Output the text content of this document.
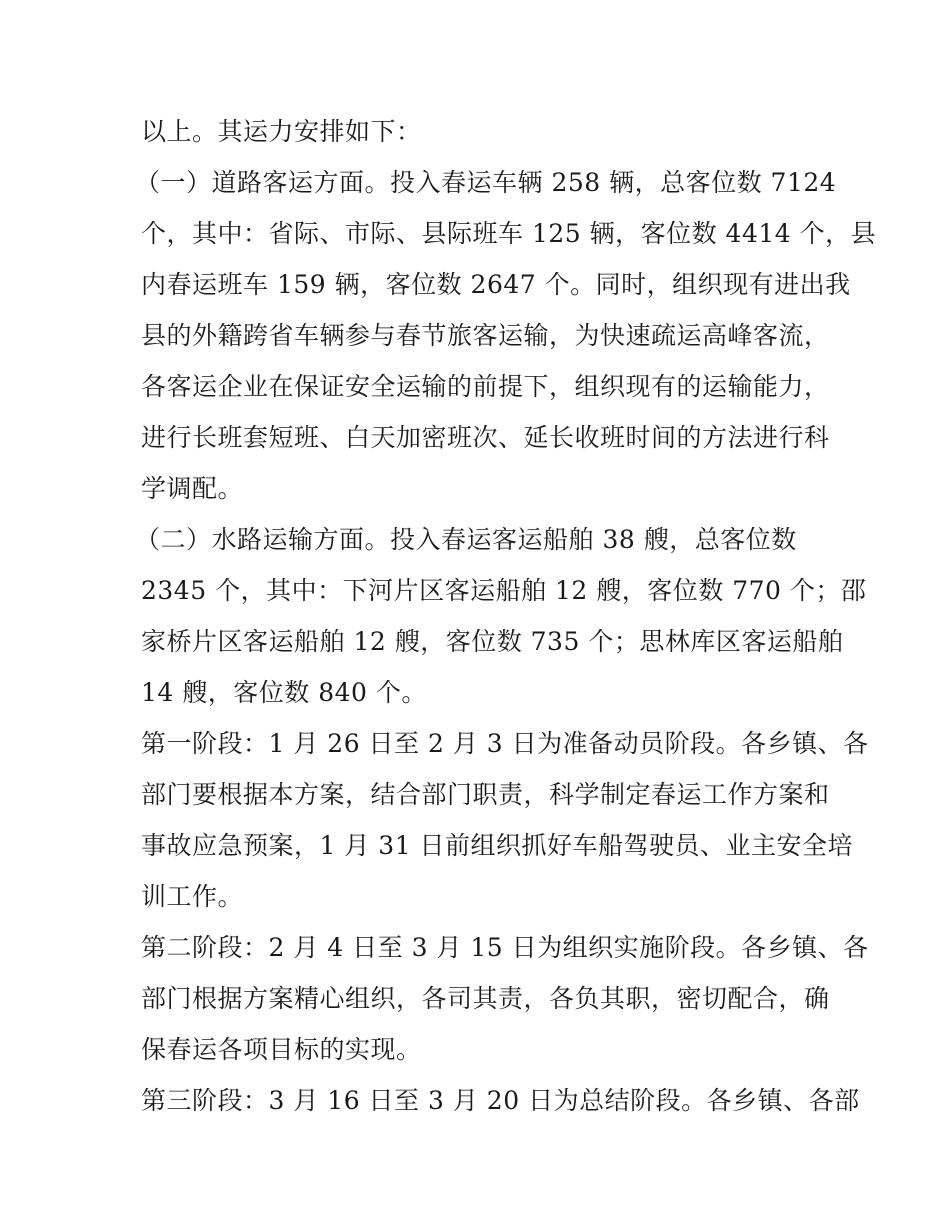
以上。其运力安排如下：
（一）道路客运方面。投入春运车辆 258 辆，总客位数 7124
个，其中：省际、市际、县际班车 125 辆，客位数 4414 个，县
内春运班车 159 辆，客位数 2647 个。同时，组织现有进出我
县的外籍跨省车辆参与春节旅客运输，为快速疏运高峰客流，
各客运企业在保证安全运输的前提下，组织现有的运输能力，
进行长班套短班、白天加密班次、延长收班时间的方法进行科
学调配。
（二）水路运输方面。投入春运客运船舶 38 艘，总客位数
2345 个，其中：下河片区客运船舶 12 艘，客位数 770 个；邵
家桥片区客运船舶 12 艘，客位数 735 个；思林库区客运船舶
14 艘，客位数 840 个。
第一阶段：1 月 26 日至 2 月 3 日为准备动员阶段。各乡镇、各
部门要根据本方案，结合部门职责，科学制定春运工作方案和
事故应急预案，1 月 31 日前组织抓好车船驾驶员、业主安全培
训工作。
第二阶段：2 月 4 日至 3 月 15 日为组织实施阶段。各乡镇、各
部门根据方案精心组织，各司其责，各负其职，密切配合，确
保春运各项目标的实现。
第三阶段：3 月 16 日至 3 月 20 日为总结阶段。各乡镇、各部
